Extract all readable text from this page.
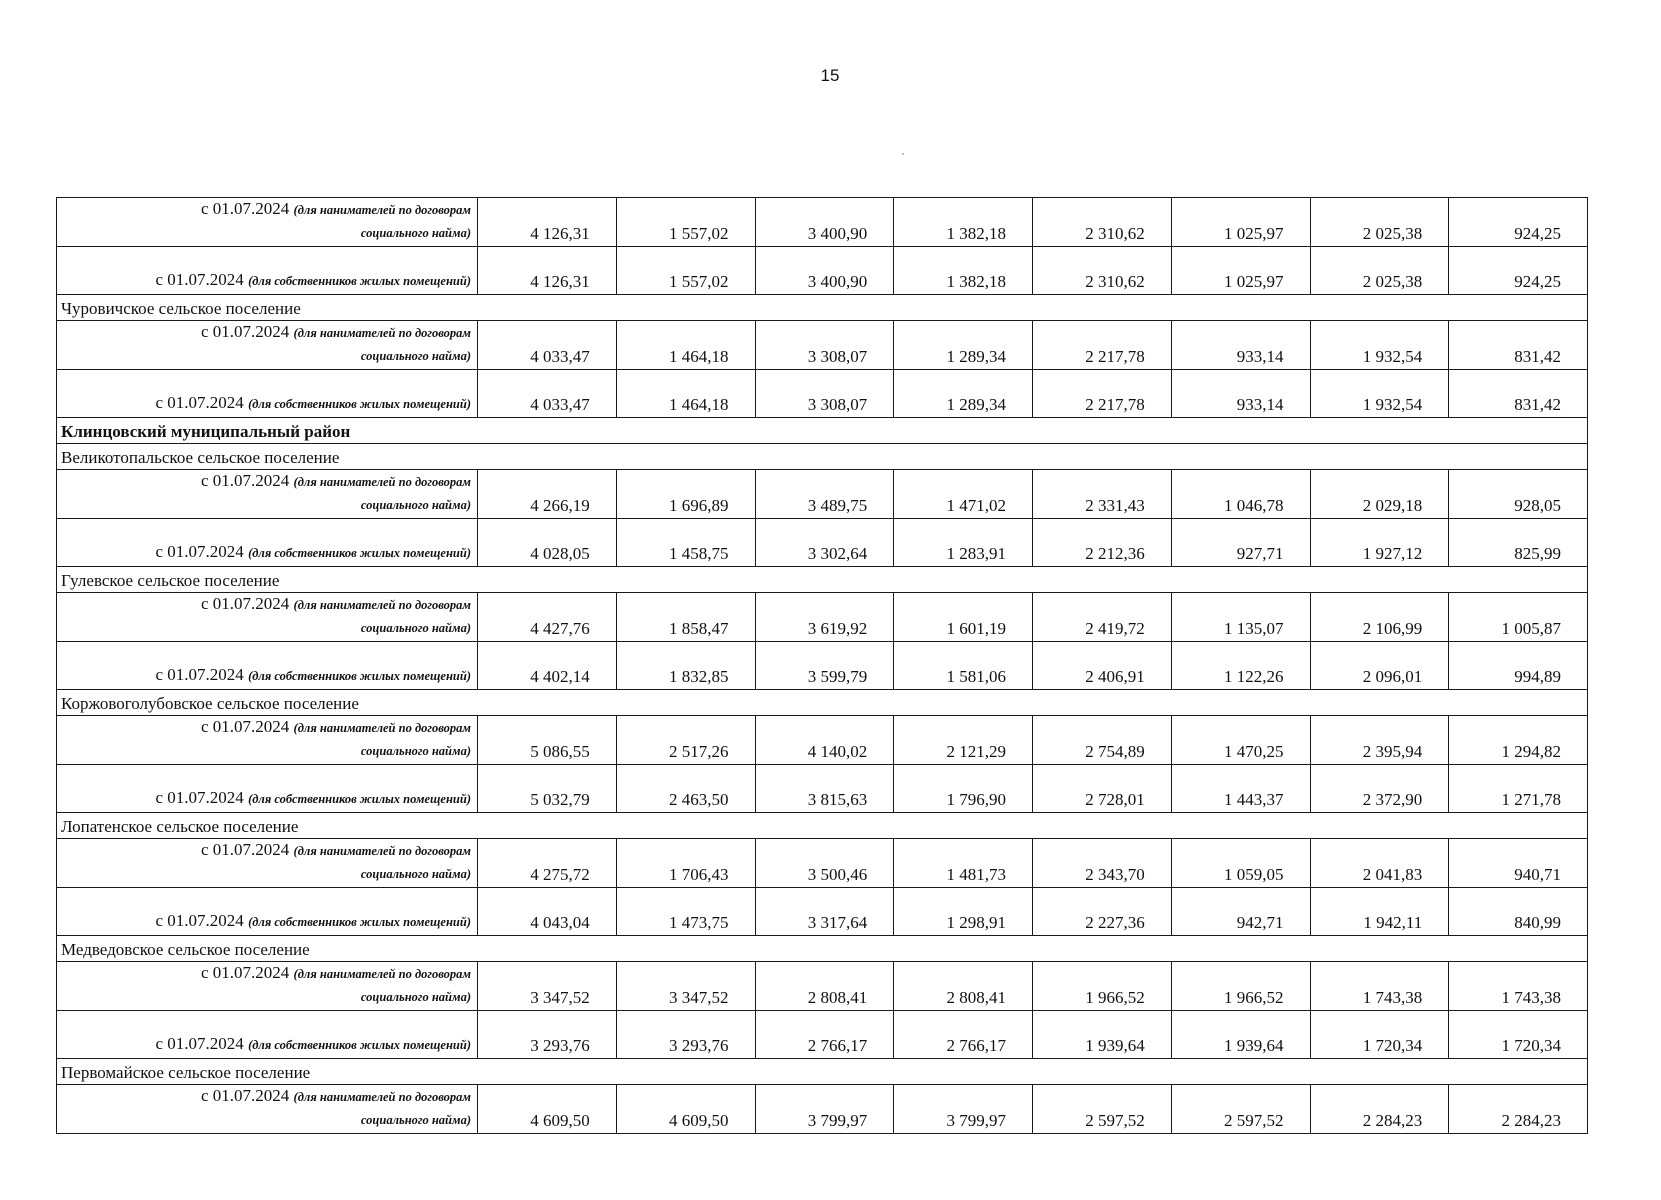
15
с 01.07.2024 (для нанимателей по договорам
социального найма)	4 126,31	1 557,02	3 400,90	1 382,18	2 310,62	1 025,97	2 025,38	924,25
с 01.07.2024 (для собственников жилых помещений)	4 126,31	1 557,02	3 400,90	1 382,18	2 310,62	1 025,97	2 025,38	924,25
Чуровичское сельское поселение								

с 01.07.2024 (для нанимателей по договорам
социального найма)	4 033,47	1 464,18	3 308,07	1 289,34	2 217,78	933,14	1 932,54	831,42
с 01.07.2024 (для собственников жилых помещений)	4 033,47	1 464,18	3 308,07	1 289,34	2 217,78	933,14	1 932,54	831,42
Клинцовский муниципальный район								
Великотопальское сельское поселение								

с 01.07.2024 (для нанимателей по договорам
социального найма)	4 266,19	1 696,89	3 489,75	1 471,02	2 331,43	1 046,78	2 029,18	928,05
с 01.07.2024 (для собственников жилых помещений)	4 028,05	1 458,75	3 302,64	1 283,91	2 212,36	927,71	1 927,12	825,99
Гулевское сельское поселение								

с 01.07.2024 (для нанимателей по договорам
социального найма)	4 427,76	1 858,47	3 619,92	1 601,19	2 419,72	1 135,07	2 106,99	1 005,87
с 01.07.2024 (для собственников жилых помещений)	4 402,14	1 832,85	3 599,79	1 581,06	2 406,91	1 122,26	2 096,01	994,89
Коржовоголубовское сельское поселение								

с 01.07.2024 (для нанимателей по договорам
социального найма)	5 086,55	2 517,26	4 140,02	2 121,29	2 754,89	1 470,25	2 395,94	1 294,82
с 01.07.2024 (для собственников жилых помещений)	5 032,79	2 463,50	3 815,63	1 796,90	2 728,01	1 443,37	2 372,90	1 271,78
Лопатенское сельское поселение								

с 01.07.2024 (для нанимателей по договорам
социального найма)	4 275,72	1 706,43	3 500,46	1 481,73	2 343,70	1 059,05	2 041,83	940,71
с 01.07.2024 (для собственников жилых помещений)	4 043,04	1 473,75	3 317,64	1 298,91	2 227,36	942,71	1 942,11	840,99
Медведовское сельское поселение								

с 01.07.2024 (для нанимателей по договорам
социального найма)	3 347,52	3 347,52	2 808,41	2 808,41	1 966,52	1 966,52	1 743,38	1 743,38
с 01.07.2024 (для собственников жилых помещений)	3 293,76	3 293,76	2 766,17	2 766,17	1 939,64	1 939,64	1 720,34	1 720,34
Первомайское сельское поселение								

с 01.07.2024 (для нанимателей по договорам
социального найма)	4 609,50	4 609,50	3 799,97	3 799,97	2 597,52	2 597,52	2 284,23	2 284,23
